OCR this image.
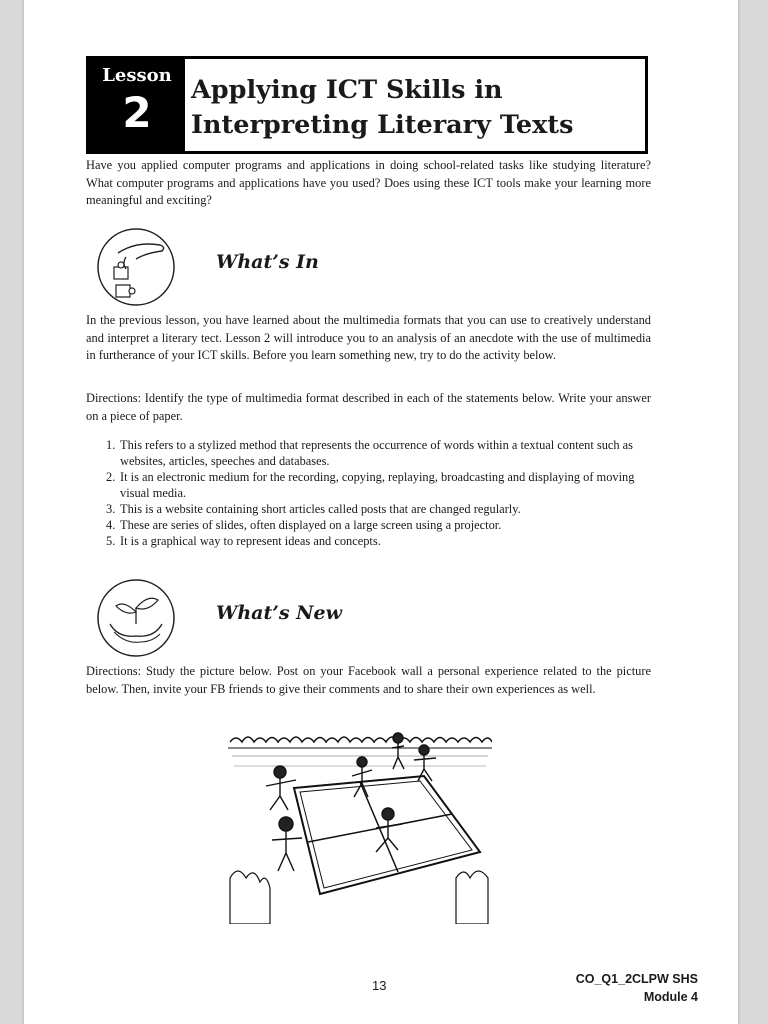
Lesson
2 Applying ICT Skills in
Interpreting Literary Texts

Have you applied computer programs and applications in doing school-related tasks like studying literature? What computer programs and applications have you used? Does using these ICT tools make your learning more meaningful and exciting?

What’s In

In the previous lesson, you have learned about the multimedia formats that you can use to creatively understand and interpret a literary tect. Lesson 2 will introduce you to an analysis of an anecdote with the use of multimedia in furtherance of your ICT skills. Before you learn something new, try to do the activity below.

Directions: Identify the type of multimedia format described in each of the statements below. Write your answer on a piece of paper.

1. This refers to a stylized method that represents the occurrence of words within a textual content such as websites, articles, speeches and databases.
2. It is an electronic medium for the recording, copying, replaying, broadcasting and displaying of moving visual media.
3. This is a website containing short articles called posts that are changed regularly.
4. These are series of slides, often displayed on a large screen using a projector.
5. It is a graphical way to represent ideas and concepts.
What’s New

Directions: Study the picture below. Post on your Facebook wall a personal experience related to the picture below. Then, invite your FB friends to give their comments and to share their own experiences as well.

13	CO_Q1_2CLPW SHS
Module 4
